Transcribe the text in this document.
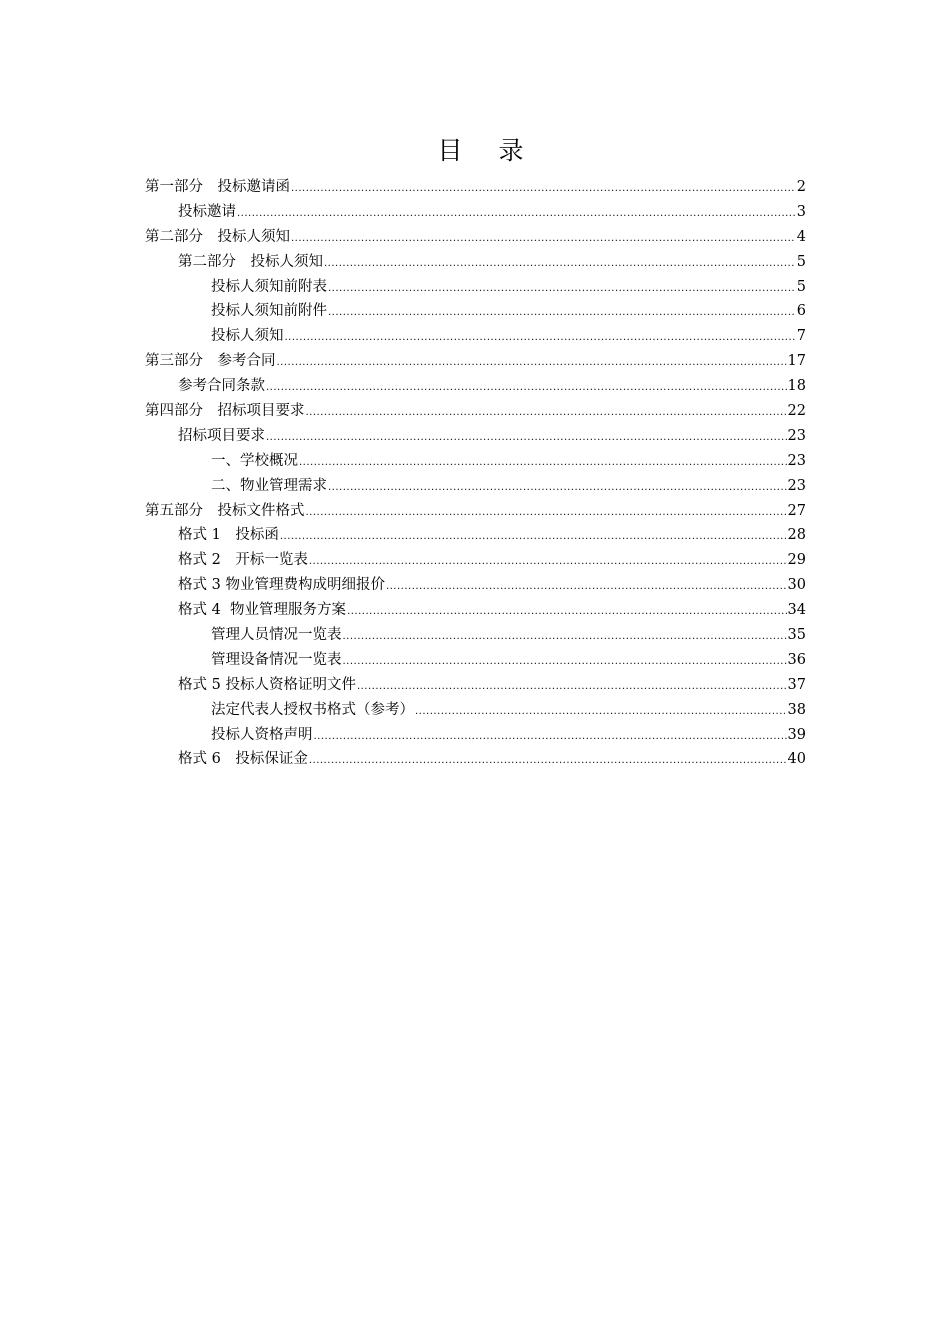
目 录
第一部分　投标邀请函 .....	2
投标邀请 .....	3
第二部分　投标人须知 .....	4
第二部分　投标人须知 .....	5
投标人须知前附表 .....	5
投标人须知前附件 .....	6
投标人须知 .....	7
第三部分　参考合同 .....	17
参考合同条款 .....	18
第四部分　招标项目要求 .....	22
招标项目要求 .....	23
一、学校概况 .....	23
二、物业管理需求 .....	23
第五部分　投标文件格式 .....	27
格式 1　投标函 .....	28
格式 2　开标一览表 .....	29
格式 3 物业管理费构成明细报价 .....	30
格式 4  物业管理服务方案 .....	34
管理人员情况一览表 .....	35
管理设备情况一览表 .....	36
格式 5 投标人资格证明文件 .....	37
法定代表人授权书格式（参考） .....	38
投标人资格声明 .....	39
格式 6　投标保证金 .....	40
